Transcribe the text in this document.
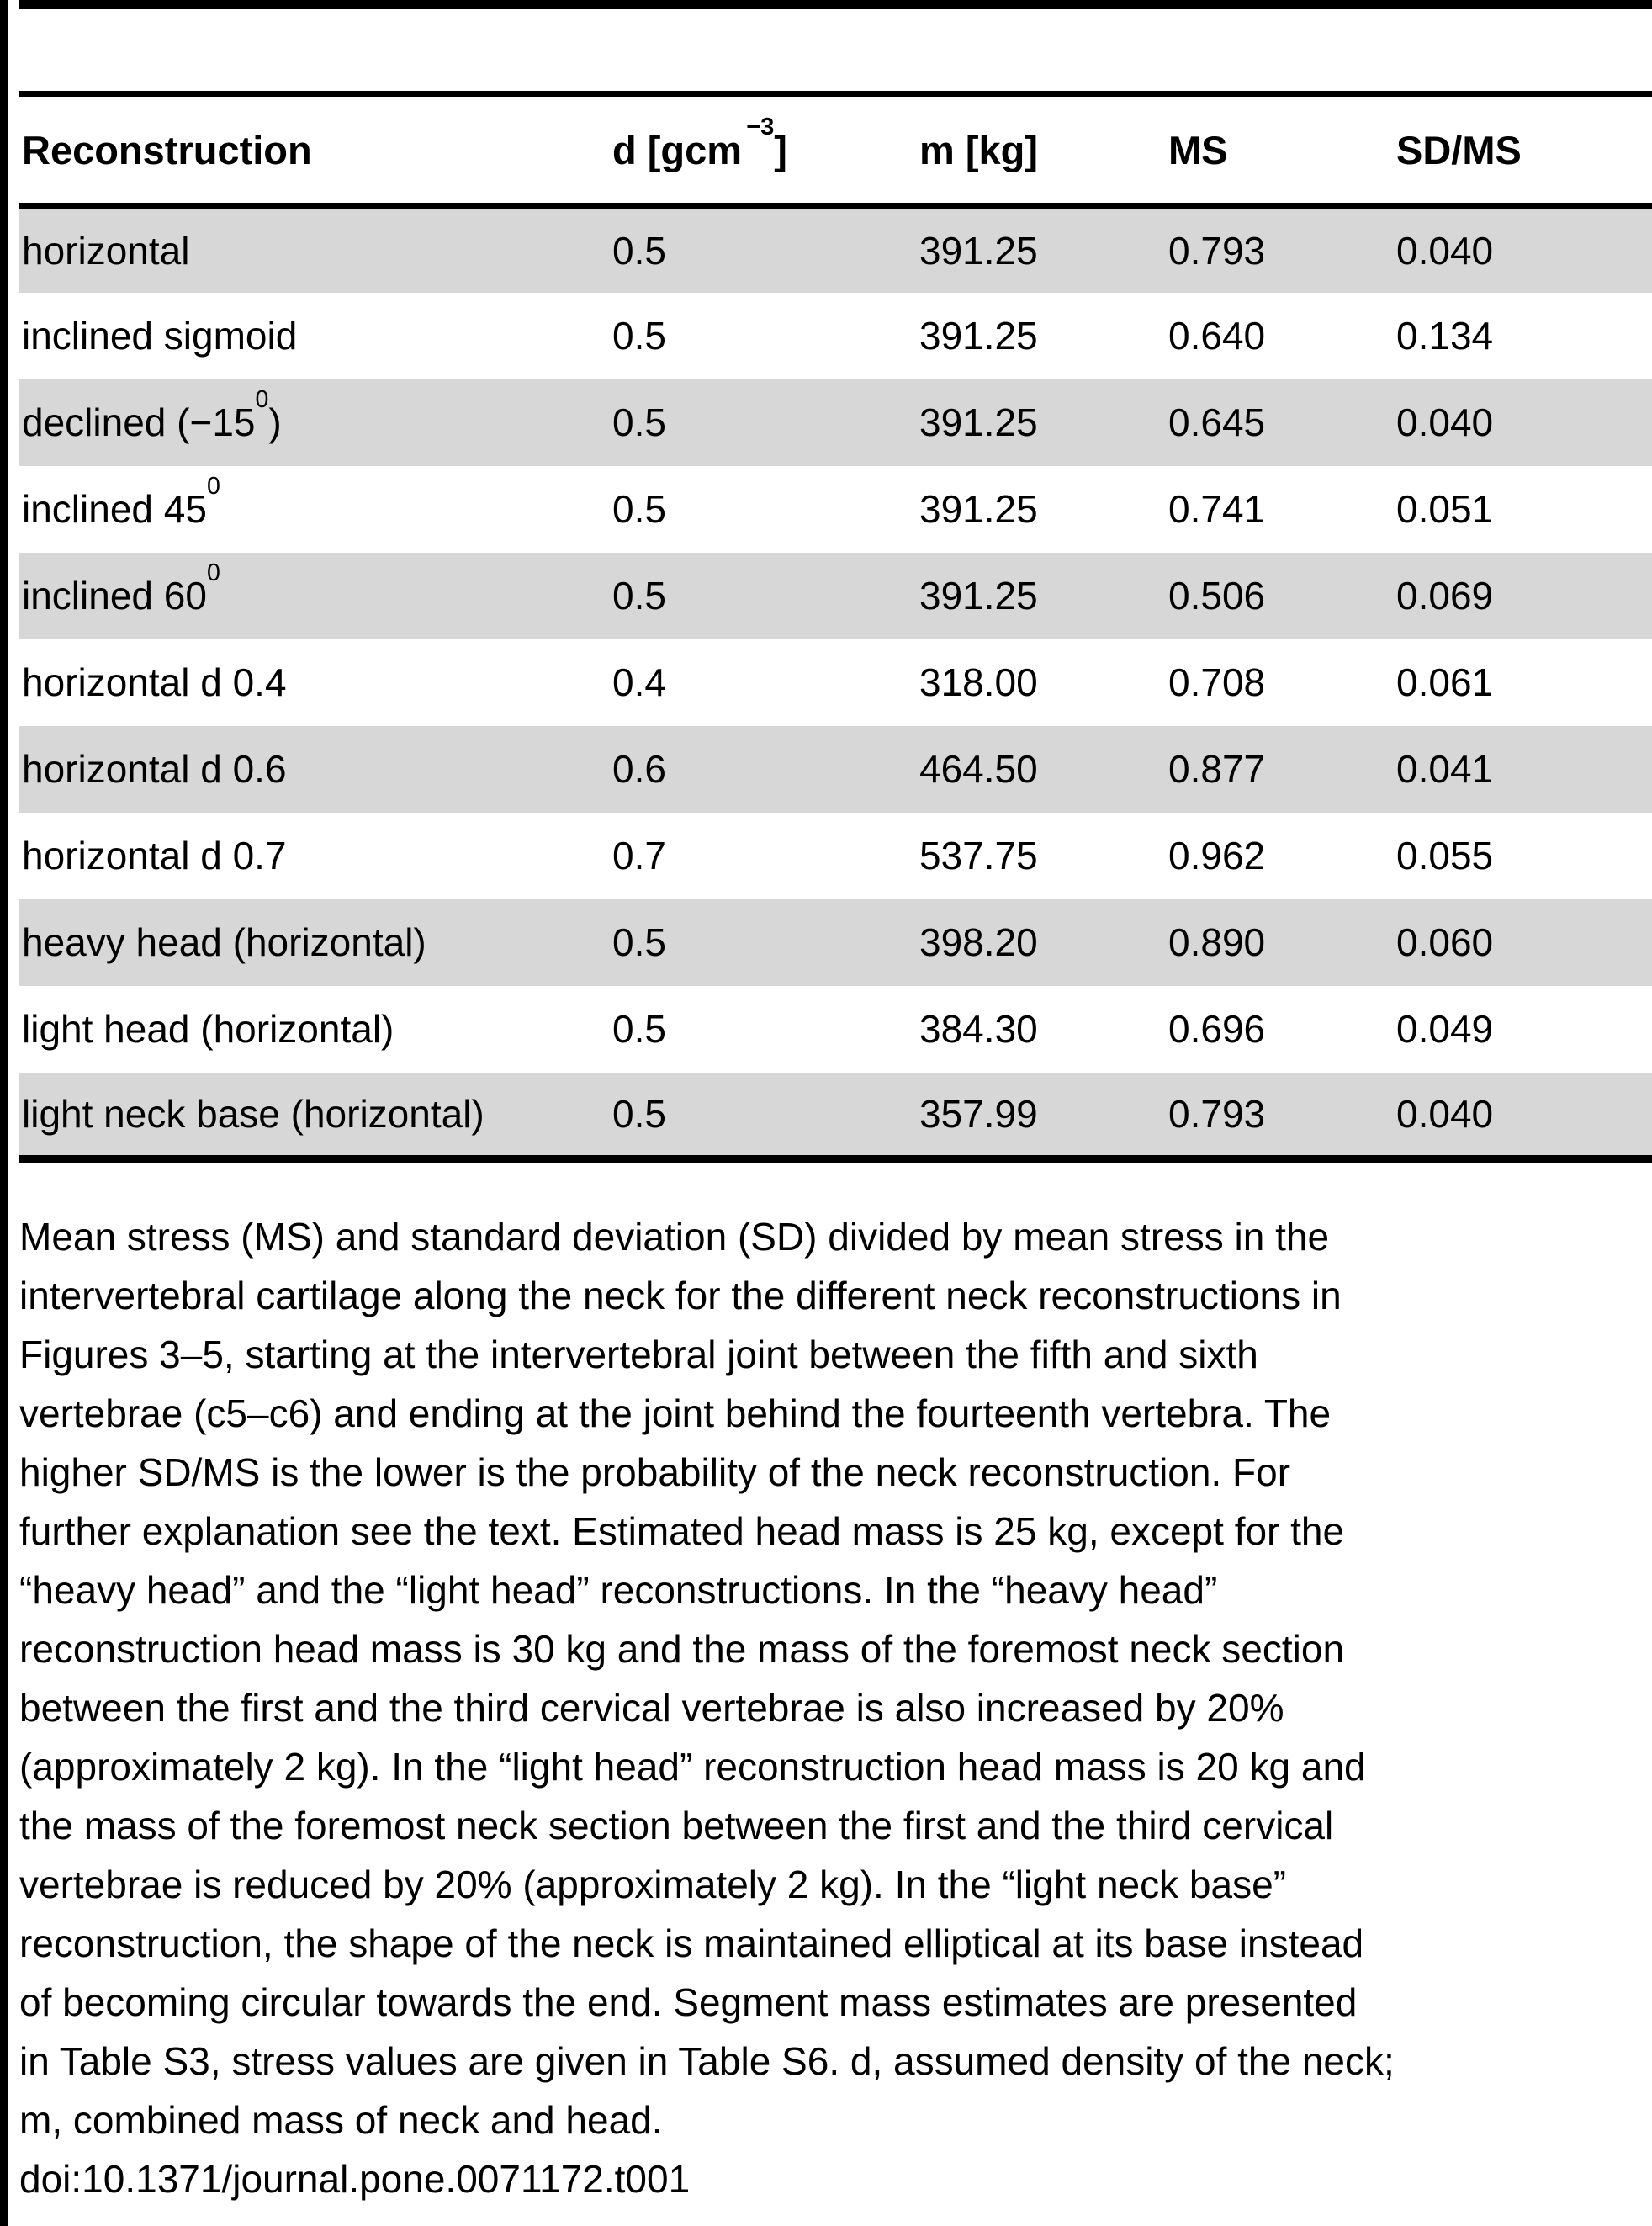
Reconstruction	d [gcm$^{-3}$]	m [kg]	MS	SD/MS
horizontal	0.5	391.25	0.793	0.040
inclined sigmoid	0.5	391.25	0.640	0.134
declined $(-15^0)$	0.5	391.25	0.645	0.040
inclined $45^0$	0.5	391.25	0.741	0.051
inclined $60^0$	0.5	391.25	0.506	0.069
horizontal d 0.4	0.4	318.00	0.708	0.061
horizontal d 0.6	0.6	464.50	0.877	0.041
horizontal d 0.7	0.7	537.75	0.962	0.055
heavy head (horizontal)	0.5	398.20	0.890	0.060
light head (horizontal)	0.5	384.30	0.696	0.049
light neck base (horizontal)	0.5	357.99	0.793	0.040
Mean stress (MS) and standard deviation (SD) divided by mean stress in the
intervertebral cartilage along the neck for the different neck reconstructions in
Figures 3–5, starting at the intervertebral joint between the fifth and sixth
vertebrae (c5–c6) and ending at the joint behind the fourteenth vertebra. The
higher SD/MS is the lower is the probability of the neck reconstruction. For
further explanation see the text. Estimated head mass is 25 kg, except for the
“heavy head” and the “light head” reconstructions. In the “heavy head”
reconstruction head mass is 30 kg and the mass of the foremost neck section
between the first and the third cervical vertebrae is also increased by 20%
(approximately 2 kg). In the “light head” reconstruction head mass is 20 kg and
the mass of the foremost neck section between the first and the third cervical
vertebrae is reduced by 20% (approximately 2 kg). In the “light neck base”
reconstruction, the shape of the neck is maintained elliptical at its base instead
of becoming circular towards the end. Segment mass estimates are presented
in Table S3, stress values are given in Table S6. d, assumed density of the neck;
m, combined mass of neck and head.
doi:10.1371/journal.pone.0071172.t001
